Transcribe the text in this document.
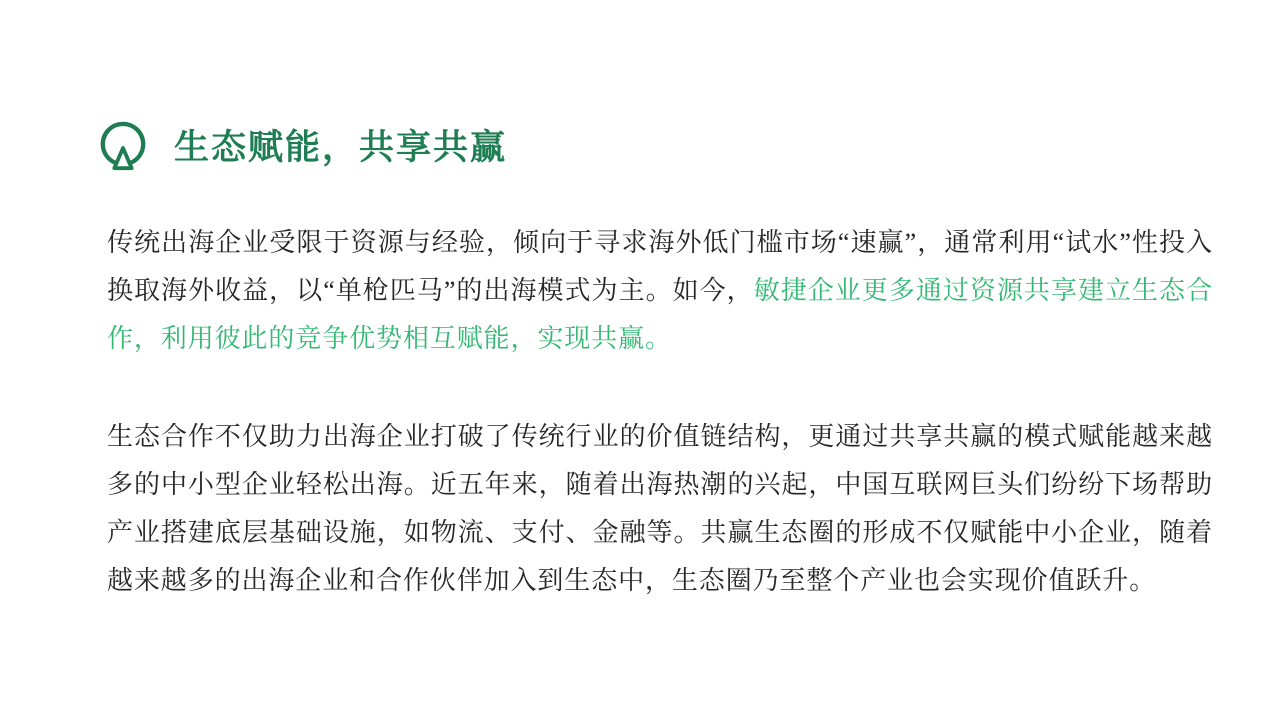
生态赋能，共享共赢

传统出海企业受限于资源与经验，倾向于寻求海外低门槛市场“速赢”，通常利用“试水”性投入换取海外收益，以“单枪匹马”的出海模式为主。如今，敏捷企业更多通过资源共享建立生态合作，利用彼此的竞争优势相互赋能，实现共赢。

生态合作不仅助力出海企业打破了传统行业的价值链结构，更通过共享共赢的模式赋能越来越多的中小型企业轻松出海。近五年来，随着出海热潮的兴起，中国互联网巨头们纷纷下场帮助产业搭建底层基础设施，如物流、支付、金融等。共赢生态圈的形成不仅赋能中小企业，随着越来越多的出海企业和合作伙伴加入到生态中，生态圈乃至整个产业也会实现价值跃升。
